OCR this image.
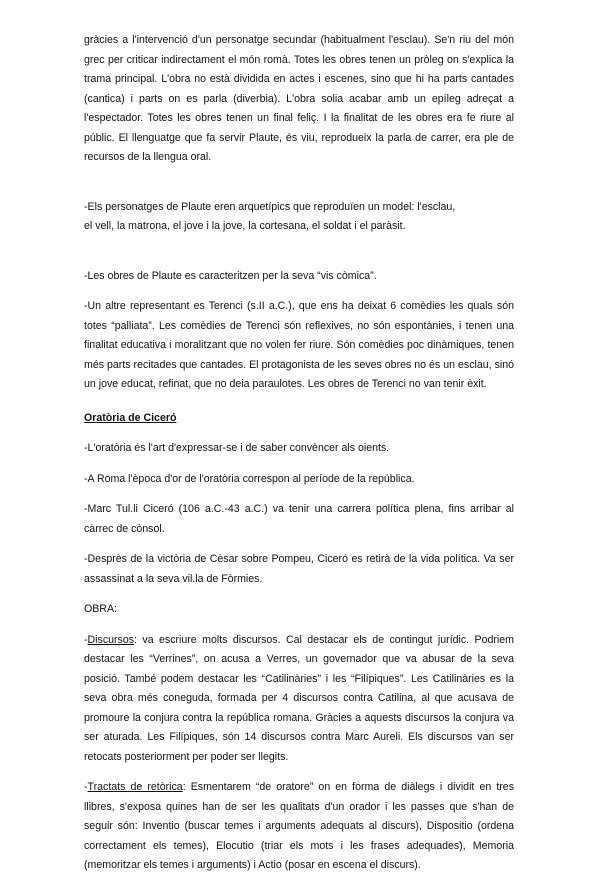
gràcies a l'intervenció d'un personatge secundar (habitualment l'esclau). Se'n riu del món grec per criticar indirectament el món romà. Totes les obres tenen un pròleg on s'explica la trama principal. L'obra no està dividida en actes i escenes, sino que hi ha parts cantades (cantica) i parts on es parla (diverbia). L'obra solia acabar amb un epíleg adreçat a l'espectador. Totes les obres tenen un final feliç. I la finalitat de les obres era fe riure al públic. El llenguatge que fa servir Plaute, és viu, reprodueix la parla de carrer, era ple de recursos de la llengua oral.

-Els personatges de Plaute eren arquetípics que reproduïen un model: l'esclau,

el vell, la matrona, el jove i la jove, la cortesana, el soldat i el paràsit.

-Les obres de Plaute es caracteritzen per la seva “vis còmica”.

-Un altre representant es Terenci (s.II a.C.), que ens ha deixat 6 comèdies les quals són totes “palliata”. Les comèdies de Terenci són reflexives, no són espontànies, i tenen una finalitat educativa i moralitzant que no volen fer riure. Són comèdies poc dinàmiques, tenen més parts recitades que cantades. El protagonista de les seves obres no és un esclau, sinó un jove educat, refinat, que no deia paraulotes. Les obres de Terenci no van tenir èxit.

Oratòria de Ciceró

-L'oratòria és l'art d'expressar-se i de saber convèncer als oients.

-A Roma l'època d'or de l'oratòria correspon al període de la república.

-Marc Tul.li Ciceró (106 a.C.-43 a.C.) va tenir una carrera política plena, fins arribar al càrrec de cònsol.

-Desprès de la victòria de Cèsar sobre Pompeu, Ciceró es retirà de la vida política. Va ser assassinat a la seva vil.la de Fòrmies.

OBRA:

-Discursos: va escriure molts discursos. Cal destacar els de contingut jurídic. Podriem destacar les “Verrines”, on acusa a Verres, un governador que va abusar de la seva posició. També podem destacar les “Catilinàries” i les “Filípiques”. Les Catilinàries es la seva obra més coneguda, formada per 4 discursos contra Catilina, al que acusava de promoure la conjura contra la república romana. Gràcies a aquests discursos la conjura va ser aturada. Les Filípiques, són 14 discursos contra Marc Aureli. Els discursos van ser retocats posteriorment per poder ser llegits.

-Tractats de retòrica: Esmentarem “de oratore” on en forma de diàlegs i dividit en tres llibres, s'exposa quines han de ser les qualitats d'un orador i les passes que s'han de seguir són: Inventio (buscar temes i arguments adequats al discurs), Dispositio (ordena correctament els temes), Elocutio (triar els mots i les frases adequades), Memoria (memoritzar els temes i arguments) i Actio (posar en escena el discurs).
